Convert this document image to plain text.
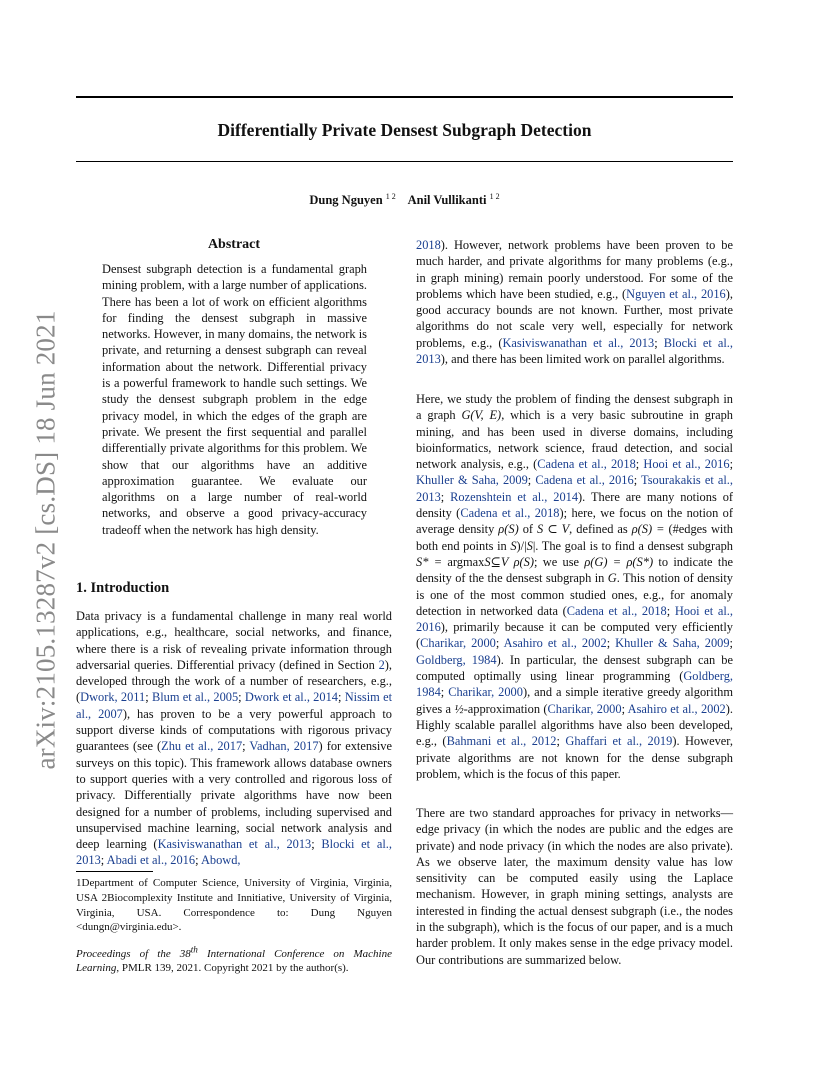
arXiv:2105.13287v2 [cs.DS] 18 Jun 2021
Differentially Private Densest Subgraph Detection
Dung Nguyen $^{1 2}$ Anil Vullikanti $^{1 2}$
Abstract

Densest subgraph detection is a fundamental graph mining problem, with a large number of applications. There has been a lot of work on efficient algorithms for finding the densest subgraph in massive networks. However, in many domains, the network is private, and returning a densest subgraph can reveal information about the network. Differential privacy is a powerful framework to handle such settings. We study the densest subgraph problem in the edge privacy model, in which the edges of the graph are private. We present the first sequential and parallel differentially private algorithms for this problem. We show that our algorithms have an additive approximation guarantee. We evaluate our algorithms on a large number of real-world networks, and observe a good privacy-accuracy tradeoff when the network has high density.

1. Introduction

Data privacy is a fundamental challenge in many real world applications, e.g., healthcare, social networks, and finance, where there is a risk of revealing private information through adversarial queries. Differential privacy (defined in Section 2), developed through the work of a number of researchers, e.g., (Dwork, 2011; Blum et al., 2005; Dwork et al., 2014; Nissim et al., 2007), has proven to be a very powerful approach to support diverse kinds of computations with rigorous privacy guarantees (see (Zhu et al., 2017; Vadhan, 2017) for extensive surveys on this topic). This framework allows database owners to support queries with a very controlled and rigorous loss of privacy. Differentially private algorithms have now been designed for a number of problems, including supervised and unsupervised machine learning, social network analysis and deep learning (Kasiviswanathan et al., 2013; Blocki et al., 2013; Abadi et al., 2016; Abowd,

1Department of Computer Science, University of Virginia, Virginia, USA 2Biocomplexity Institute and Innitiative, University of Virginia, Virginia, USA. Correspondence to: Dung Nguyen <dungn@virginia.edu>.

Proceedings of the 38th International Conference on Machine Learning, PMLR 139, 2021. Copyright 2021 by the author(s).

2018). However, network problems have been proven to be much harder, and private algorithms for many problems (e.g., in graph mining) remain poorly understood. For some of the problems which have been studied, e.g., (Nguyen et al., 2016), good accuracy bounds are not known. Further, most private algorithms do not scale very well, especially for network problems, e.g., (Kasiviswanathan et al., 2013; Blocki et al., 2013), and there has been limited work on parallel algorithms.

Here, we study the problem of finding the densest subgraph in a graph G(V, E), which is a very basic subroutine in graph mining, and has been used in diverse domains, including bioinformatics, network science, fraud detection, and social network analysis, e.g., (Cadena et al., 2018; Hooi et al., 2016; Khuller & Saha, 2009; Cadena et al., 2016; Tsourakakis et al., 2013; Rozenshtein et al., 2014). There are many notions of density (Cadena et al., 2018); here, we focus on the notion of average density ρ(S) of S ⊂ V, defined as ρ(S) = (#edges with both end points in S)/|S|. The goal is to find a densest subgraph S* = argmaxS⊆V ρ(S); we use ρ(G) = ρ(S*) to indicate the density of the the densest subgraph in G. This notion of density is one of the most common studied ones, e.g., for anomaly detection in networked data (Cadena et al., 2018; Hooi et al., 2016), primarily because it can be computed very efficiently (Charikar, 2000; Asahiro et al., 2002; Khuller & Saha, 2009; Goldberg, 1984). In particular, the densest subgraph can be computed optimally using linear programming (Goldberg, 1984; Charikar, 2000), and a simple iterative greedy algorithm gives a ½-approximation (Charikar, 2000; Asahiro et al., 2002). Highly scalable parallel algorithms have also been developed, e.g., (Bahmani et al., 2012; Ghaffari et al., 2019). However, private algorithms are not known for the dense subgraph problem, which is the focus of this paper.

There are two standard approaches for privacy in networks—edge privacy (in which the nodes are public and the edges are private) and node privacy (in which the nodes are also private). As we observe later, the maximum density value has low sensitivity can be computed easily using the Laplace mechanism. However, in graph mining settings, analysts are interested in finding the actual densest subgraph (i.e., the nodes in the subgraph), which is the focus of our paper, and is a much harder problem. It only makes sense in the edge privacy model. Our contributions are summarized below.
